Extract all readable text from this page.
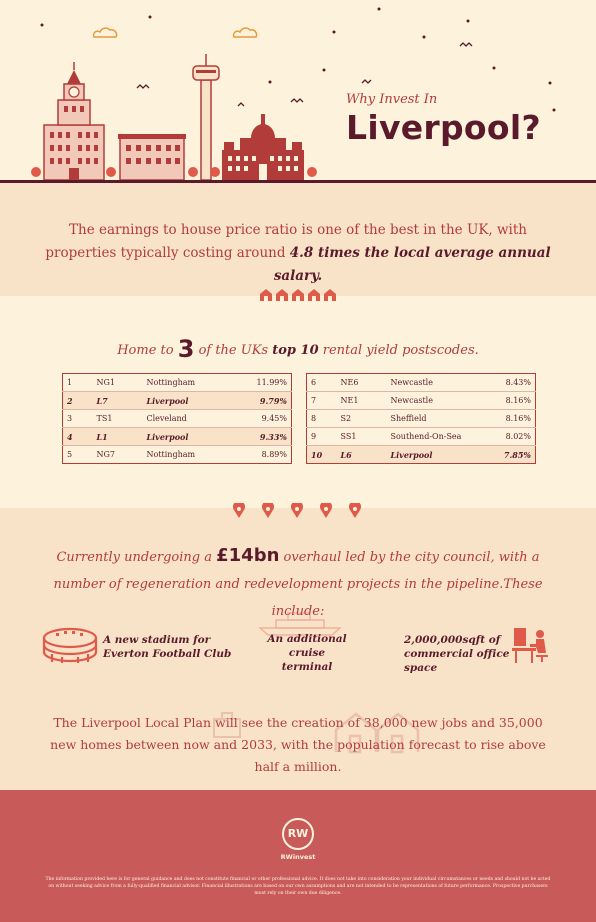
Why Invest In
Liverpool?

The earnings to house price ratio is one of the best in the UK, with properties typically costing around 4.8 times the local average annual salary.

Home to 3 of the UKs top 10 rental yield postscodes.
1	NG1	Nottingham	11.99%
2	L7	Liverpool	9.79%
3	TS1	Cleveland	9.45%
4	L1	Liverpool	9.33%
5	NG7	Nottingham	8.89%
6	NE6	Newcastle	8.43%
7	NE1	Newcastle	8.16%
8	S2	Sheffield	8.16%
9	SS1	Southend-On-Sea	8.02%
10	L6	Liverpool	7.85%

Currently undergoing a £14bn overhaul led by the city council, with a number of regeneration and redevelopment projects in the pipeline.These include:

A new stadium for
Everton Football Club
An additional
cruise terminal
2,000,000sqft of
commercial office space

The Liverpool Local Plan will see the creation of 38,000 new jobs and 35,000 new homes between now and 2033, with the population forecast to rise above half a million.

RW
RWinvest

The information provided here is for general guidance and does not constitute financial or other professional advice. It does not take into consideration your individual circumstances or needs and should not be acted on without seeking advice from a fully-qualified financial advisor. Financial illustrations are based on our own assumptions and are not intended to be representations of future performance. Prospective purchasers must rely on their own due diligence.
